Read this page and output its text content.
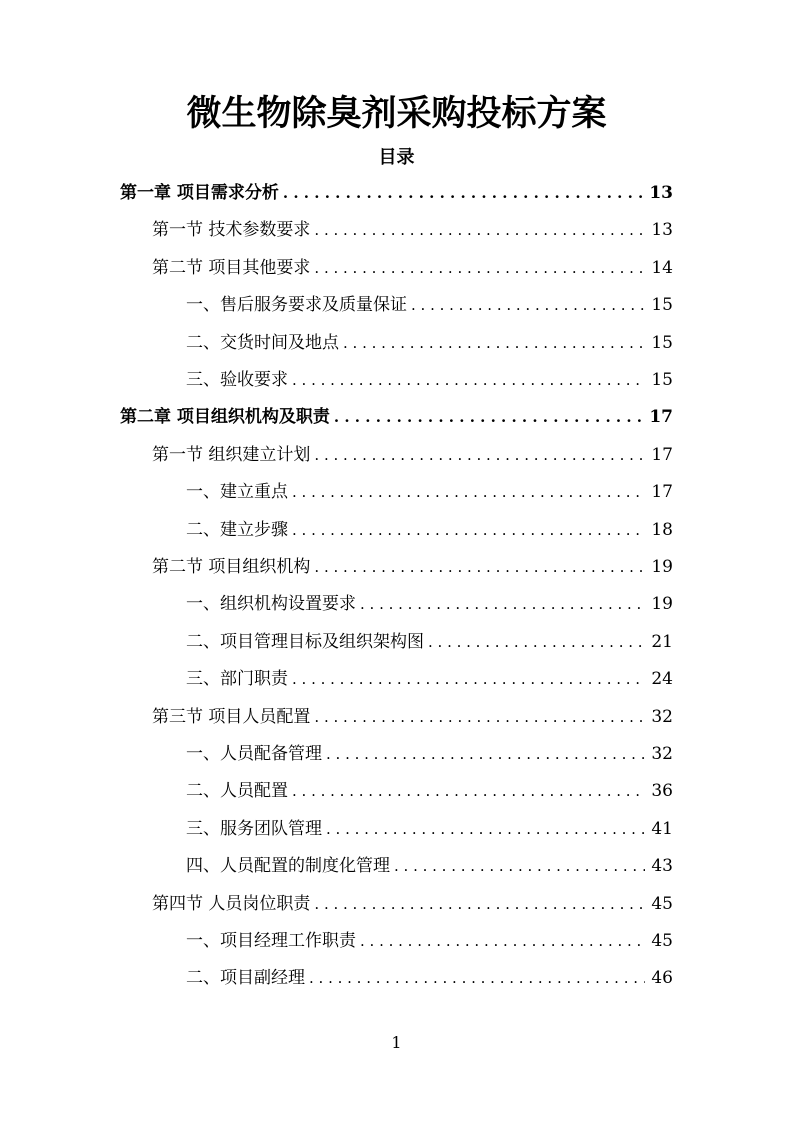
微生物除臭剂采购投标方案
目录
第一章 项目需求分析 . . .	13
第一节 技术参数要求 . . .	13
第二节 项目其他要求 . . .	14
一、售后服务要求及质量保证 . . .	15
二、交货时间及地点 . . .	15
三、验收要求 . . .	15
第二章 项目组织机构及职责 . . .	17
第一节 组织建立计划 . . .	17
一、建立重点 . . .	17
二、建立步骤 . . .	18
第二节 项目组织机构 . . .	19
一、组织机构设置要求 . . .	19
二、项目管理目标及组织架构图 . . .	21
三、部门职责 . . .	24
第三节 项目人员配置 . . .	32
一、人员配备管理 . . .	32
二、人员配置 . . .	36
三、服务团队管理 . . .	41
四、人员配置的制度化管理 . . .	43
第四节 人员岗位职责 . . .	45
一、项目经理工作职责 . . .	45
二、项目副经理 . . .	46
1
